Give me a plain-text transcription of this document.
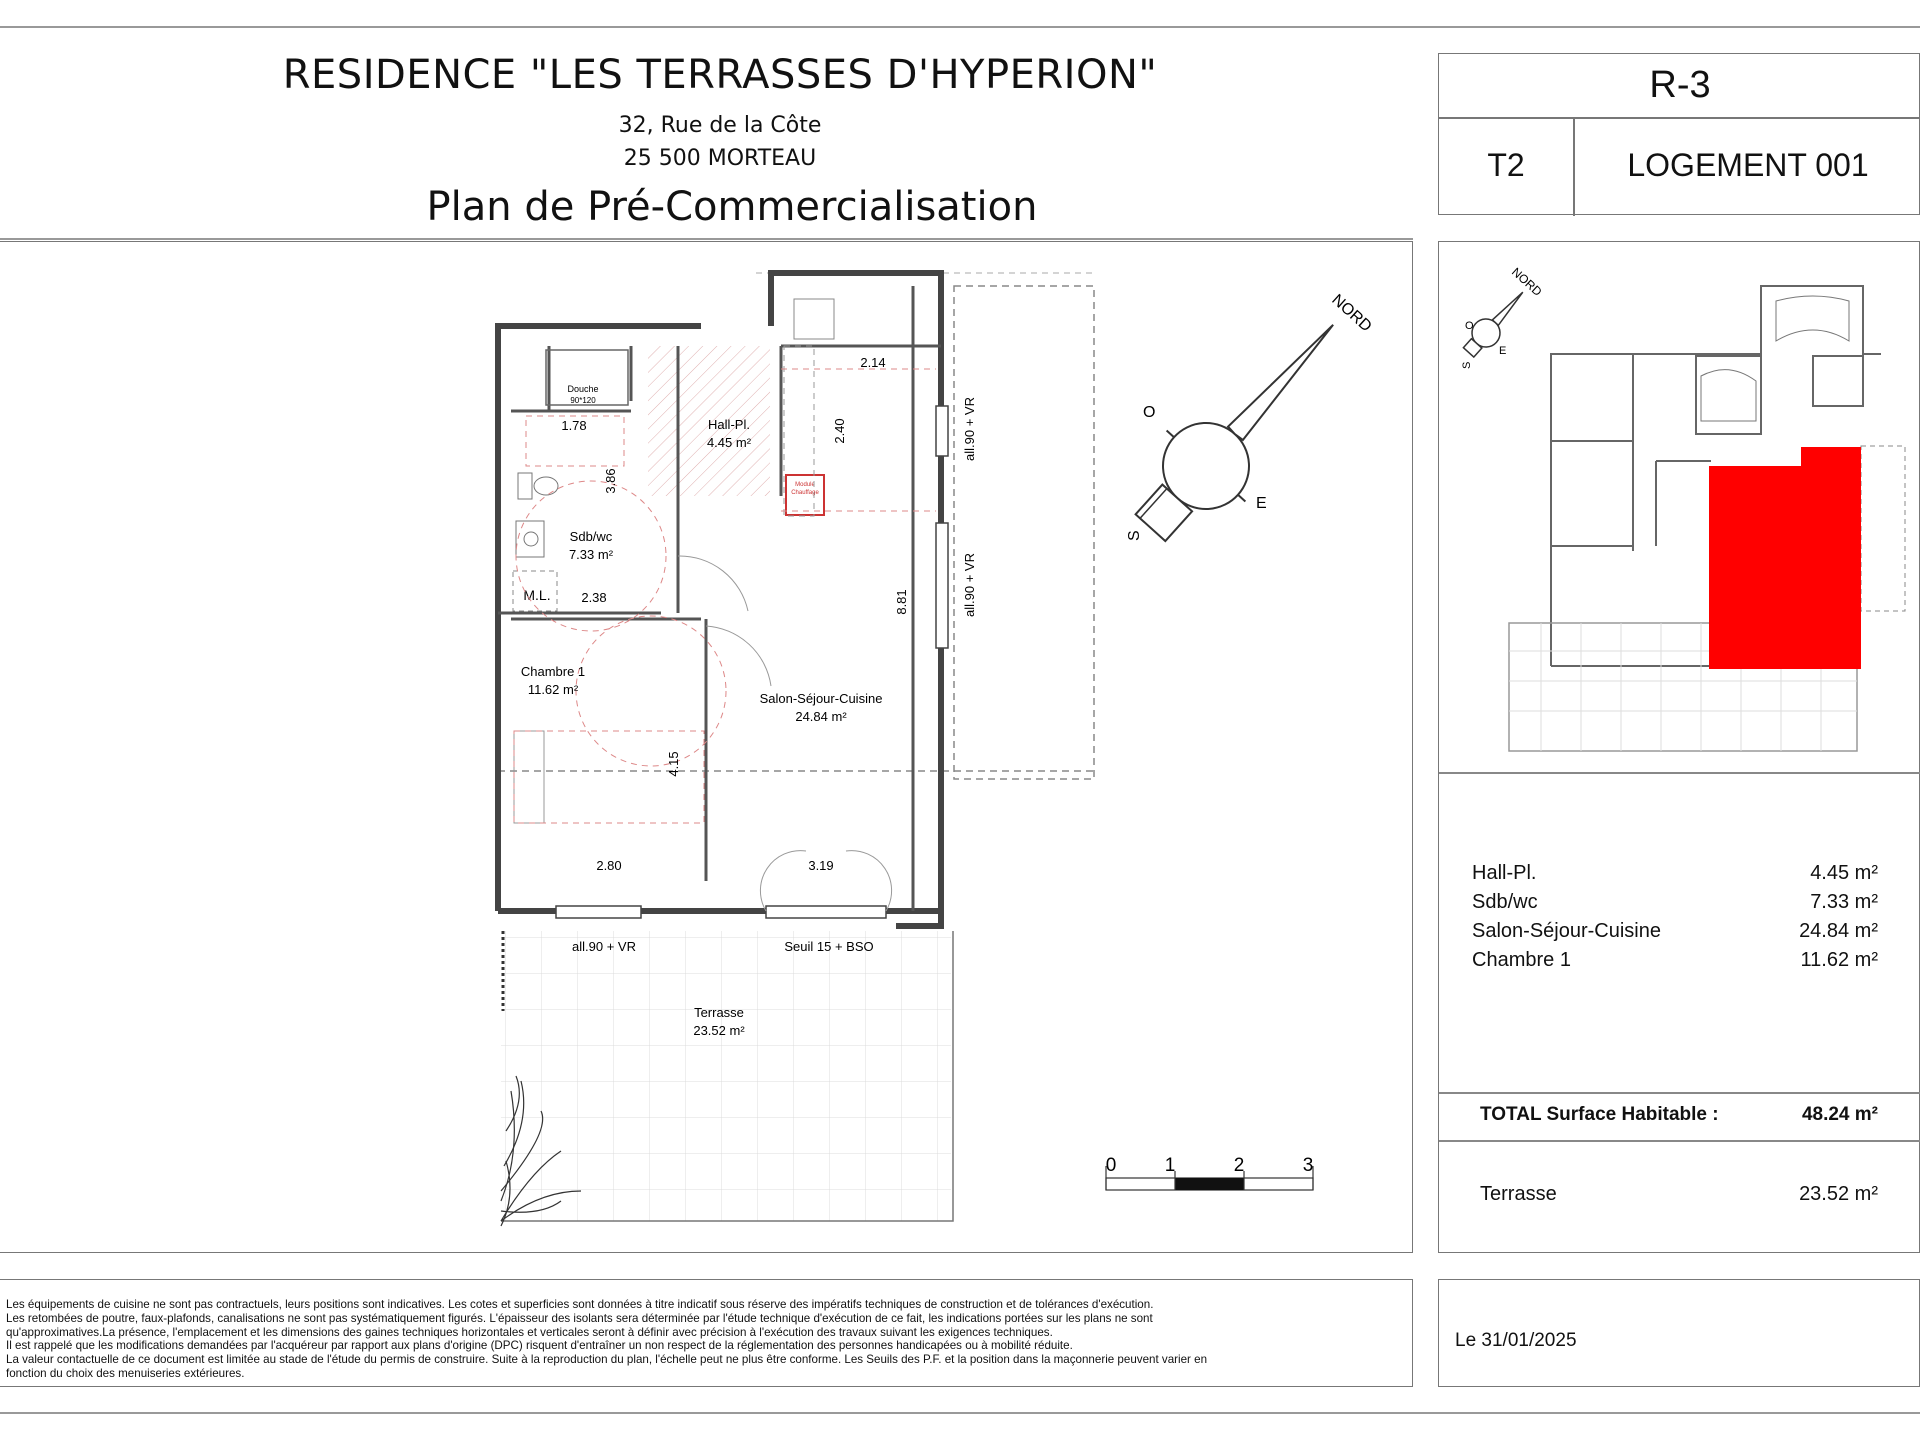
RESIDENCE "LES TERRASSES D'HYPERION"
32, Rue de la Côte
25 500 MORTEAU
Plan de Pré-Commercialisation
R-3
T2	LOGEMENT 001
Douche
90*120
M.L.
Module
Chauffage
Hall-Pl.
4.45 m²
Sdb/wc
7.33 m²
Chambre 1
11.62 m²
Salon-Séjour-Cuisine
24.84 m²
Terrasse
23.52 m²
1.78
3.86
2.38
2.14
2.40
8.81
4.15
2.80	3.19
all.90 + VR
all.90 + VR
all.90 + VR	Seuil 15 + BSO
NORD
O
E
S
0	1	2	3
NORD
O
E
S
Hall-Pl.	4.45 m²
Sdb/wc	7.33 m²
Salon-Séjour-Cuisine	24.84 m²
Chambre 1	11.62 m²
TOTAL Surface Habitable :	48.24 m²
Terrasse	23.52 m²
Les équipements de cuisine ne sont pas contractuels, leurs positions sont indicatives. Les cotes et superficies sont données à titre indicatif sous réserve des impératifs techniques de construction et de tolérances d'exécution.
Les retombées de poutre, faux-plafonds, canalisations ne sont pas systématiquement figurés. L'épaisseur des isolants sera déterminée par l'étude technique d'exécution de ce fait, les indications portées sur les plans ne sont
qu'approximatives.La présence, l'emplacement et les dimensions des gaines techniques horizontales et verticales seront à définir avec précision à l'exécution des travaux suivant les exigences techniques.
Il est rappelé que les modifications demandées par l'acquéreur par rapport aux plans d'origine (DPC) risquent d'entraîner un non respect de la réglementation des personnes handicapées ou à mobilité réduite.
La valeur contactuelle de ce document est limitée au stade de l'étude du permis de construire. Suite à la reproduction du plan, l'échelle peut ne plus être conforme. Les Seuils des P.F. et la position dans la maçonnerie peuvent varier en
fonction du choix des menuiseries extérieures.
Le 31/01/2025
